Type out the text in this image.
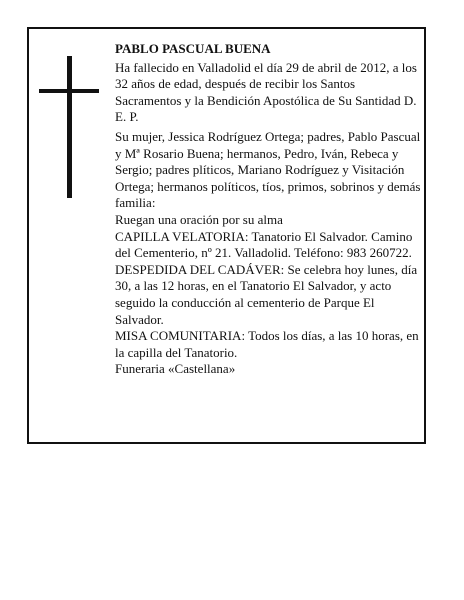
PABLO PASCUAL BUENA

Ha fallecido en Valladolid el día 29 de abril de 2012, a los 32 años de edad, después de recibir los Santos Sacramentos y la Bendición Apostólica de Su Santidad D. E. P.

Su mujer, Jessica Rodríguez Ortega; padres, Pablo Pascual y Mª Rosario Buena; hermanos, Pedro, Iván, Rebeca y Sergio; padres plíticos, Mariano Rodríguez y Visitación Ortega; hermanos políticos, tíos, primos, sobrinos y demás familia:

Ruegan una oración por su alma

CAPILLA VELATORIA: Tanatorio El Salvador. Camino del Cementerio, nº 21. Valladolid. Teléfono: 983 260722.

DESPEDIDA DEL CADÁVER: Se celebra hoy lunes, día 30, a las 12 horas, en el Tanatorio El Salvador, y acto seguido la conducción al cementerio de Parque El Salvador.

MISA COMUNITARIA: Todos los días, a las 10 horas, en la capilla del Tanatorio.

Funeraria «Castellana»
